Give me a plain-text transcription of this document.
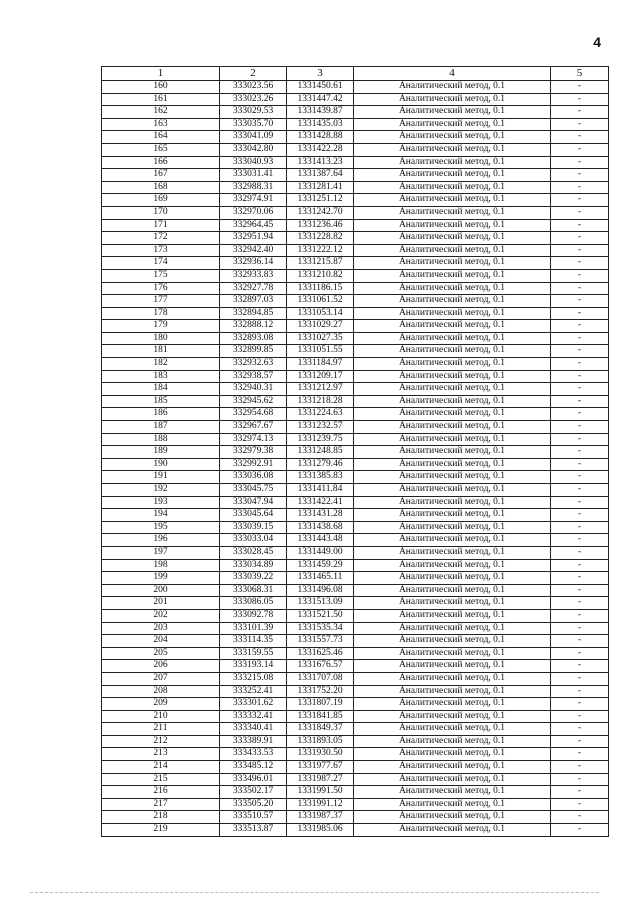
4
1	2	3	4	5
160	333023.56	1331450.61	Аналитический метод, 0.1	-
161	333023.26	1331447.42	Аналитический метод, 0.1	-
162	333029.53	1331439.87	Аналитический метод, 0.1	-
163	333035.70	1331435.03	Аналитический метод, 0.1	-
164	333041.09	1331428.88	Аналитический метод, 0.1	-
165	333042.80	1331422.28	Аналитический метод, 0.1	-
166	333040.93	1331413.23	Аналитический метод, 0.1	-
167	333031.41	1331387.64	Аналитический метод, 0.1	-
168	332988.31	1331281.41	Аналитический метод, 0.1	-
169	332974.91	1331251.12	Аналитический метод, 0.1	-
170	332970.06	1331242.70	Аналитический метод, 0.1	-
171	332964.45	1331236.46	Аналитический метод, 0.1	-
172	332951.94	1331228.82	Аналитический метод, 0.1	-
173	332942.40	1331222.12	Аналитический метод, 0.1	-
174	332936.14	1331215.87	Аналитический метод, 0.1	-
175	332933.83	1331210.82	Аналитический метод, 0.1	-
176	332927.78	1331186.15	Аналитический метод, 0.1	-
177	332897.03	1331061.52	Аналитический метод, 0.1	-
178	332894.85	1331053.14	Аналитический метод, 0.1	-
179	332888.12	1331029.27	Аналитический метод, 0.1	-
180	332893.08	1331027.35	Аналитический метод, 0.1	-
181	332899.85	1331051.55	Аналитический метод, 0.1	-
182	332932.63	1331184.97	Аналитический метод, 0.1	-
183	332938.57	1331209.17	Аналитический метод, 0.1	-
184	332940.31	1331212.97	Аналитический метод, 0.1	-
185	332945.62	1331218.28	Аналитический метод, 0.1	-
186	332954.68	1331224.63	Аналитический метод, 0.1	-
187	332967.67	1331232.57	Аналитический метод, 0.1	-
188	332974.13	1331239.75	Аналитический метод, 0.1	-
189	332979.38	1331248.85	Аналитический метод, 0.1	-
190	332992.91	1331279.46	Аналитический метод, 0.1	-
191	333036.08	1331385.83	Аналитический метод, 0.1	-
192	333045.75	1331411.84	Аналитический метод, 0.1	-
193	333047.94	1331422.41	Аналитический метод, 0.1	-
194	333045.64	1331431.28	Аналитический метод, 0.1	-
195	333039.15	1331438.68	Аналитический метод, 0.1	-
196	333033.04	1331443.48	Аналитический метод, 0.1	-
197	333028.45	1331449.00	Аналитический метод, 0.1	-
198	333034.89	1331459.29	Аналитический метод, 0.1	-
199	333039.22	1331465.11	Аналитический метод, 0.1	-
200	333068.31	1331496.08	Аналитический метод, 0.1	-
201	333086.05	1331513.09	Аналитический метод, 0.1	-
202	333092.78	1331521.50	Аналитический метод, 0.1	-
203	333101.39	1331535.34	Аналитический метод, 0.1	-
204	333114.35	1331557.73	Аналитический метод, 0.1	-
205	333159.55	1331625.46	Аналитический метод, 0.1	-
206	333193.14	1331676.57	Аналитический метод, 0.1	-
207	333215.08	1331707.08	Аналитический метод, 0.1	-
208	333252.41	1331752.20	Аналитический метод, 0.1	-
209	333301.62	1331807.19	Аналитический метод, 0.1	-
210	333332.41	1331841.85	Аналитический метод, 0.1	-
211	333340.41	1331849.37	Аналитический метод, 0.1	-
212	333389.91	1331893.05	Аналитический метод, 0.1	-
213	333433.53	1331930.50	Аналитический метод, 0.1	-
214	333485.12	1331977.67	Аналитический метод, 0.1	-
215	333496.01	1331987.27	Аналитический метод, 0.1	-
216	333502.17	1331991.50	Аналитический метод, 0.1	-
217	333505.20	1331991.12	Аналитический метод, 0.1	-
218	333510.57	1331987.37	Аналитический метод, 0.1	-
219	333513.87	1331985.06	Аналитический метод, 0.1	-
